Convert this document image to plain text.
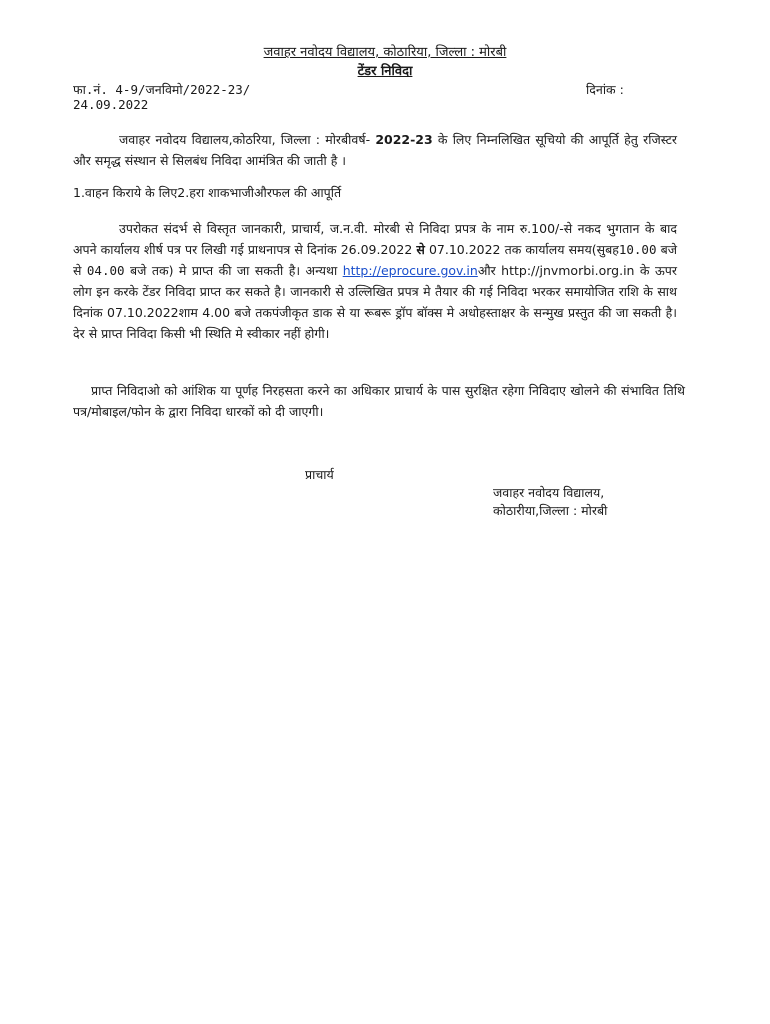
जवाहर नवोदय विद्यालय, कोठारिया, जिल्ला : मोरबी
टेंडर निविदा
फा.नं. 4-9/जनविमो/2022-23/	दिनांक :
24.09.2022

जवाहर नवोदय विद्यालय,कोठरिया, जिल्ला : मोरबीवर्ष- 2022-23 के लिए निम्नलिखित सूचियो की आपूर्ति हेतु रजिस्टर और समृद्ध संस्थान से सिलबंध निविदा आमंत्रित की जाती है ।

1.वाहन किराये के लिए2.हरा शाकभाजीऔरफल की आपूर्ति

उपरोकत संदर्भ से विस्तृत जानकारी, प्राचार्य, ज.न.वी. मोरबी से निविदा प्रपत्र के नाम रु.100/-से नकद भुगतान के बाद अपने कार्यालय शीर्ष पत्र पर लिखी गई प्राथनापत्र से दिनांक 26.09.2022 से 07.10.2022 तक कार्यालय समय(सुबह10.00 बजे से 04.00 बजे तक) मे प्राप्त की जा सकती है। अन्यथा http://eprocure.gov.inऔर http://jnvmorbi.org.in के ऊपर लोग इन करके टेंडर निविदा प्राप्त कर सकते है। जानकारी से उल्लिखित प्रपत्र मे तैयार की गई निविदा भरकर समायोजित राशि के साथ दिनांक 07.10.2022शाम 4.00 बजे तकपंजीकृत डाक से या रूबरू ड्रॉप बॉक्स मे अधोहस्ताक्षर के सन्मुख प्रस्तुत की जा सकती है। देर से प्राप्त निविदा किसी भी स्थिति मे स्वीकार नहीं होगी।

प्राप्त निविदाओ को आंशिक या पूर्णह निरहसता करने का अधिकार प्राचार्य के पास सुरक्षित रहेगा निविदाए खोलने की संभावित तिथि पत्र/मोबाइल/फोन के द्वारा निविदा धारकों को दी जाएगी।

प्राचार्य
जवाहर नवोदय विद्यालय,
कोठारीया,जिल्ला : मोरबी
